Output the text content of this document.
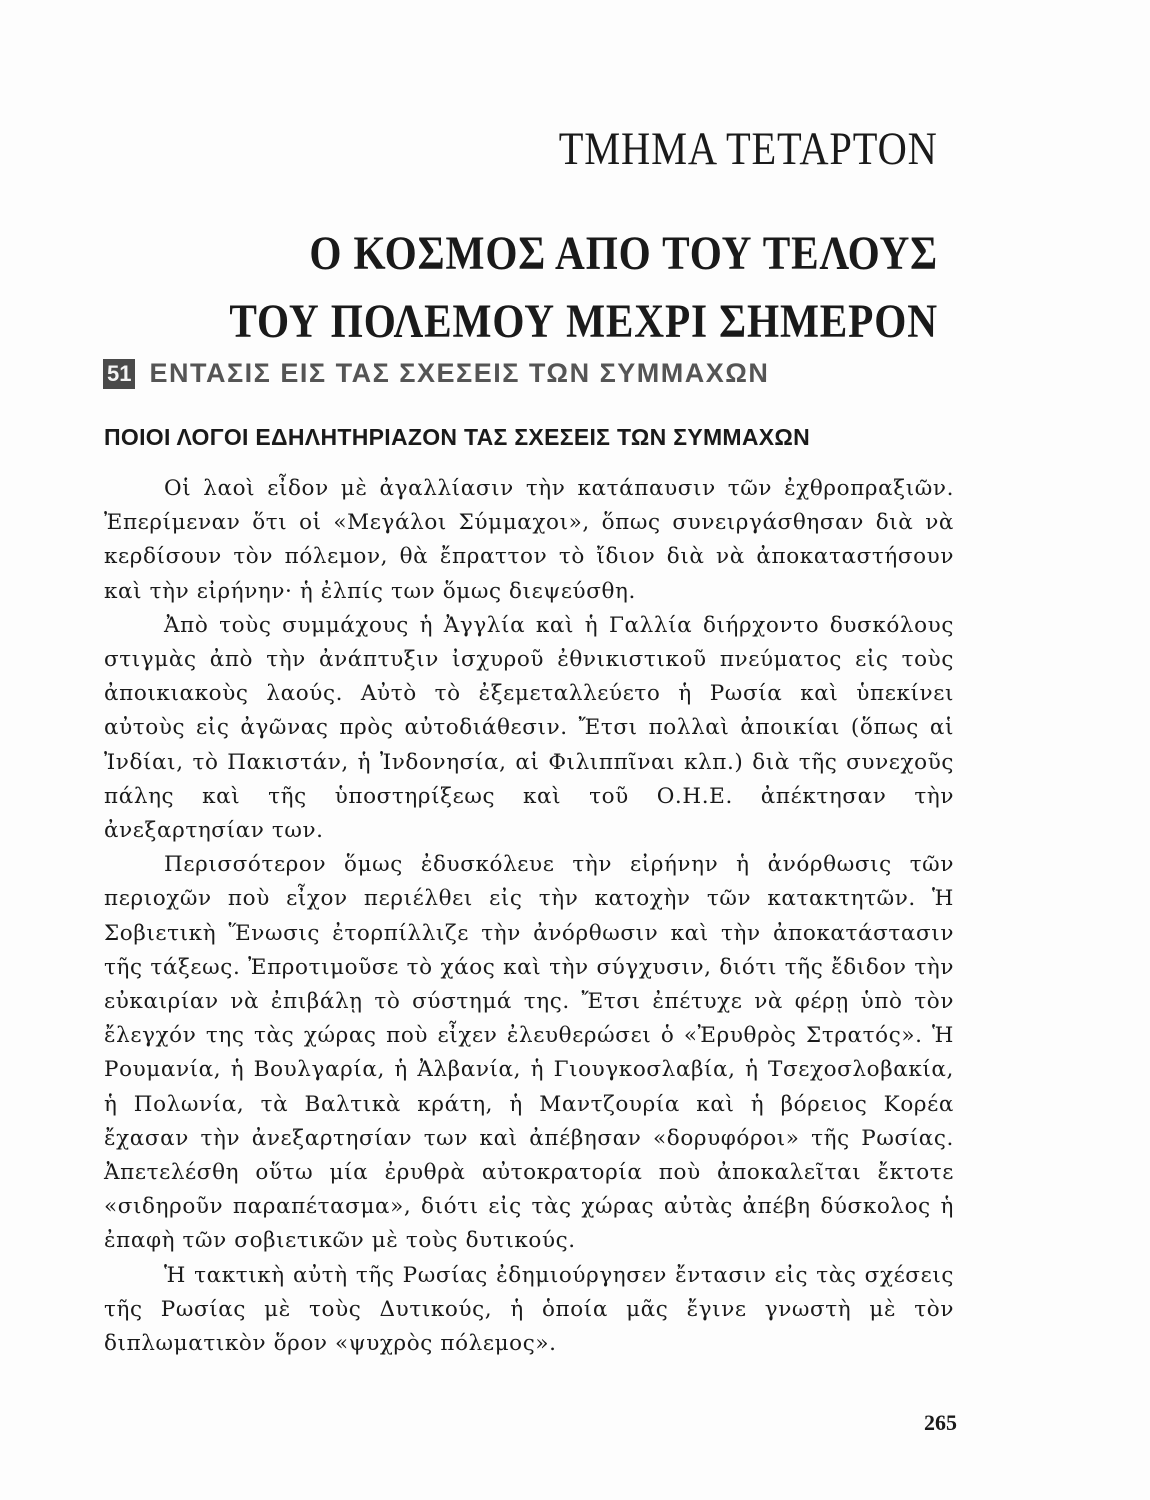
ΤΜΗΜΑ ΤΕΤΑΡΤΟΝ
Ο ΚΟΣΜΟΣ ΑΠΟ ΤΟΥ ΤΕΛΟΥΣ
ΤΟΥ ΠΟΛΕΜΟΥ ΜΕΧΡΙ ΣΗΜΕΡΟΝ
51 ΕΝΤΑΣΙΣ ΕΙΣ ΤΑΣ ΣΧΕΣΕΙΣ ΤΩΝ ΣΥΜΜΑΧΩΝ
ΠΟΙΟΙ ΛΟΓΟΙ ΕΔΗΛΗΤΗΡΙΑΖΟΝ ΤΑΣ ΣΧΕΣΕΙΣ ΤΩΝ ΣΥΜΜΑΧΩΝ

Οἱ λαοὶ εἶδον μὲ ἀγαλλίασιν τὴν κατάπαυσιν τῶν ἐχθροπραξιῶν. Ἐπερίμεναν ὅτι οἱ «Μεγάλοι Σύμμαχοι», ὅπως συνειργάσθησαν διὰ νὰ κερδίσουν τὸν πόλεμον, θὰ ἔπραττον τὸ ἴδιον διὰ νὰ ἀποκαταστήσουν καὶ τὴν εἰρήνην· ἡ ἐλπίς των ὅμως διεψεύσθη.

Ἀπὸ τοὺς συμμάχους ἡ Ἀγγλία καὶ ἡ Γαλλία διήρχοντο δυσκόλους στιγμὰς ἀπὸ τὴν ἀνάπτυξιν ἰσχυροῦ ἐθνικιστικοῦ πνεύματος εἰς τοὺς ἀποικιακοὺς λαούς. Αὐτὸ τὸ ἐξεμεταλλεύετο ἡ Ρωσία καὶ ὑπεκίνει αὐτοὺς εἰς ἀγῶνας πρὸς αὐτοδιάθεσιν. Ἔτσι πολλαὶ ἀποικίαι (ὅπως αἱ Ἰνδίαι, τὸ Πακιστάν, ἡ Ἰνδονησία, αἱ Φιλιππῖναι κλπ.) διὰ τῆς συνεχοῦς πάλης καὶ τῆς ὑποστηρίξεως καὶ τοῦ Ο.Η.Ε. ἀπέκτησαν τὴν ἀνεξαρτησίαν των.

Περισσότερον ὅμως ἐδυσκόλευε τὴν εἰρήνην ἡ ἀνόρθωσις τῶν περιοχῶν ποὺ εἶχον περιέλθει εἰς τὴν κατοχὴν τῶν κατακτητῶν. Ἡ Σοβιετικὴ Ἕνωσις ἐτορπίλλιζε τὴν ἀνόρθωσιν καὶ τὴν ἀποκατάστασιν τῆς τάξεως. Ἐπροτιμοῦσε τὸ χάος καὶ τὴν σύγχυσιν, διότι τῆς ἔδιδον τὴν εὐκαιρίαν νὰ ἐπιβάλῃ τὸ σύστημά της. Ἔτσι ἐπέτυχε νὰ φέρῃ ὑπὸ τὸν ἔλεγχόν της τὰς χώρας ποὺ εἶχεν ἐλευθερώσει ὁ «Ἐρυθρὸς Στρατός». Ἡ Ρουμανία, ἡ Βουλγαρία, ἡ Ἀλβανία, ἡ Γιουγκοσλαβία, ἡ Τσεχοσλοβακία, ἡ Πολωνία, τὰ Βαλτικὰ κράτη, ἡ Μαντζουρία καὶ ἡ βόρειος Κορέα ἔχασαν τὴν ἀνεξαρτησίαν των καὶ ἀπέβησαν «δορυφόροι» τῆς Ρωσίας. Ἀπετελέσθη οὕτω μία ἐρυθρὰ αὐτοκρατορία ποὺ ἀποκαλεῖται ἔκτοτε «σιδηροῦν παραπέτασμα», διότι εἰς τὰς χώρας αὐτὰς ἀπέβη δύσκολος ἡ ἐπαφὴ τῶν σοβιετικῶν μὲ τοὺς δυτικούς.

Ἡ τακτικὴ αὐτὴ τῆς Ρωσίας ἐδημιούργησεν ἔντασιν εἰς τὰς σχέσεις τῆς Ρωσίας μὲ τοὺς Δυτικούς, ἡ ὁποία μᾶς ἔγινε γνωστὴ μὲ τὸν διπλωματικὸν ὅρον «ψυχρὸς πόλεμος».

265
